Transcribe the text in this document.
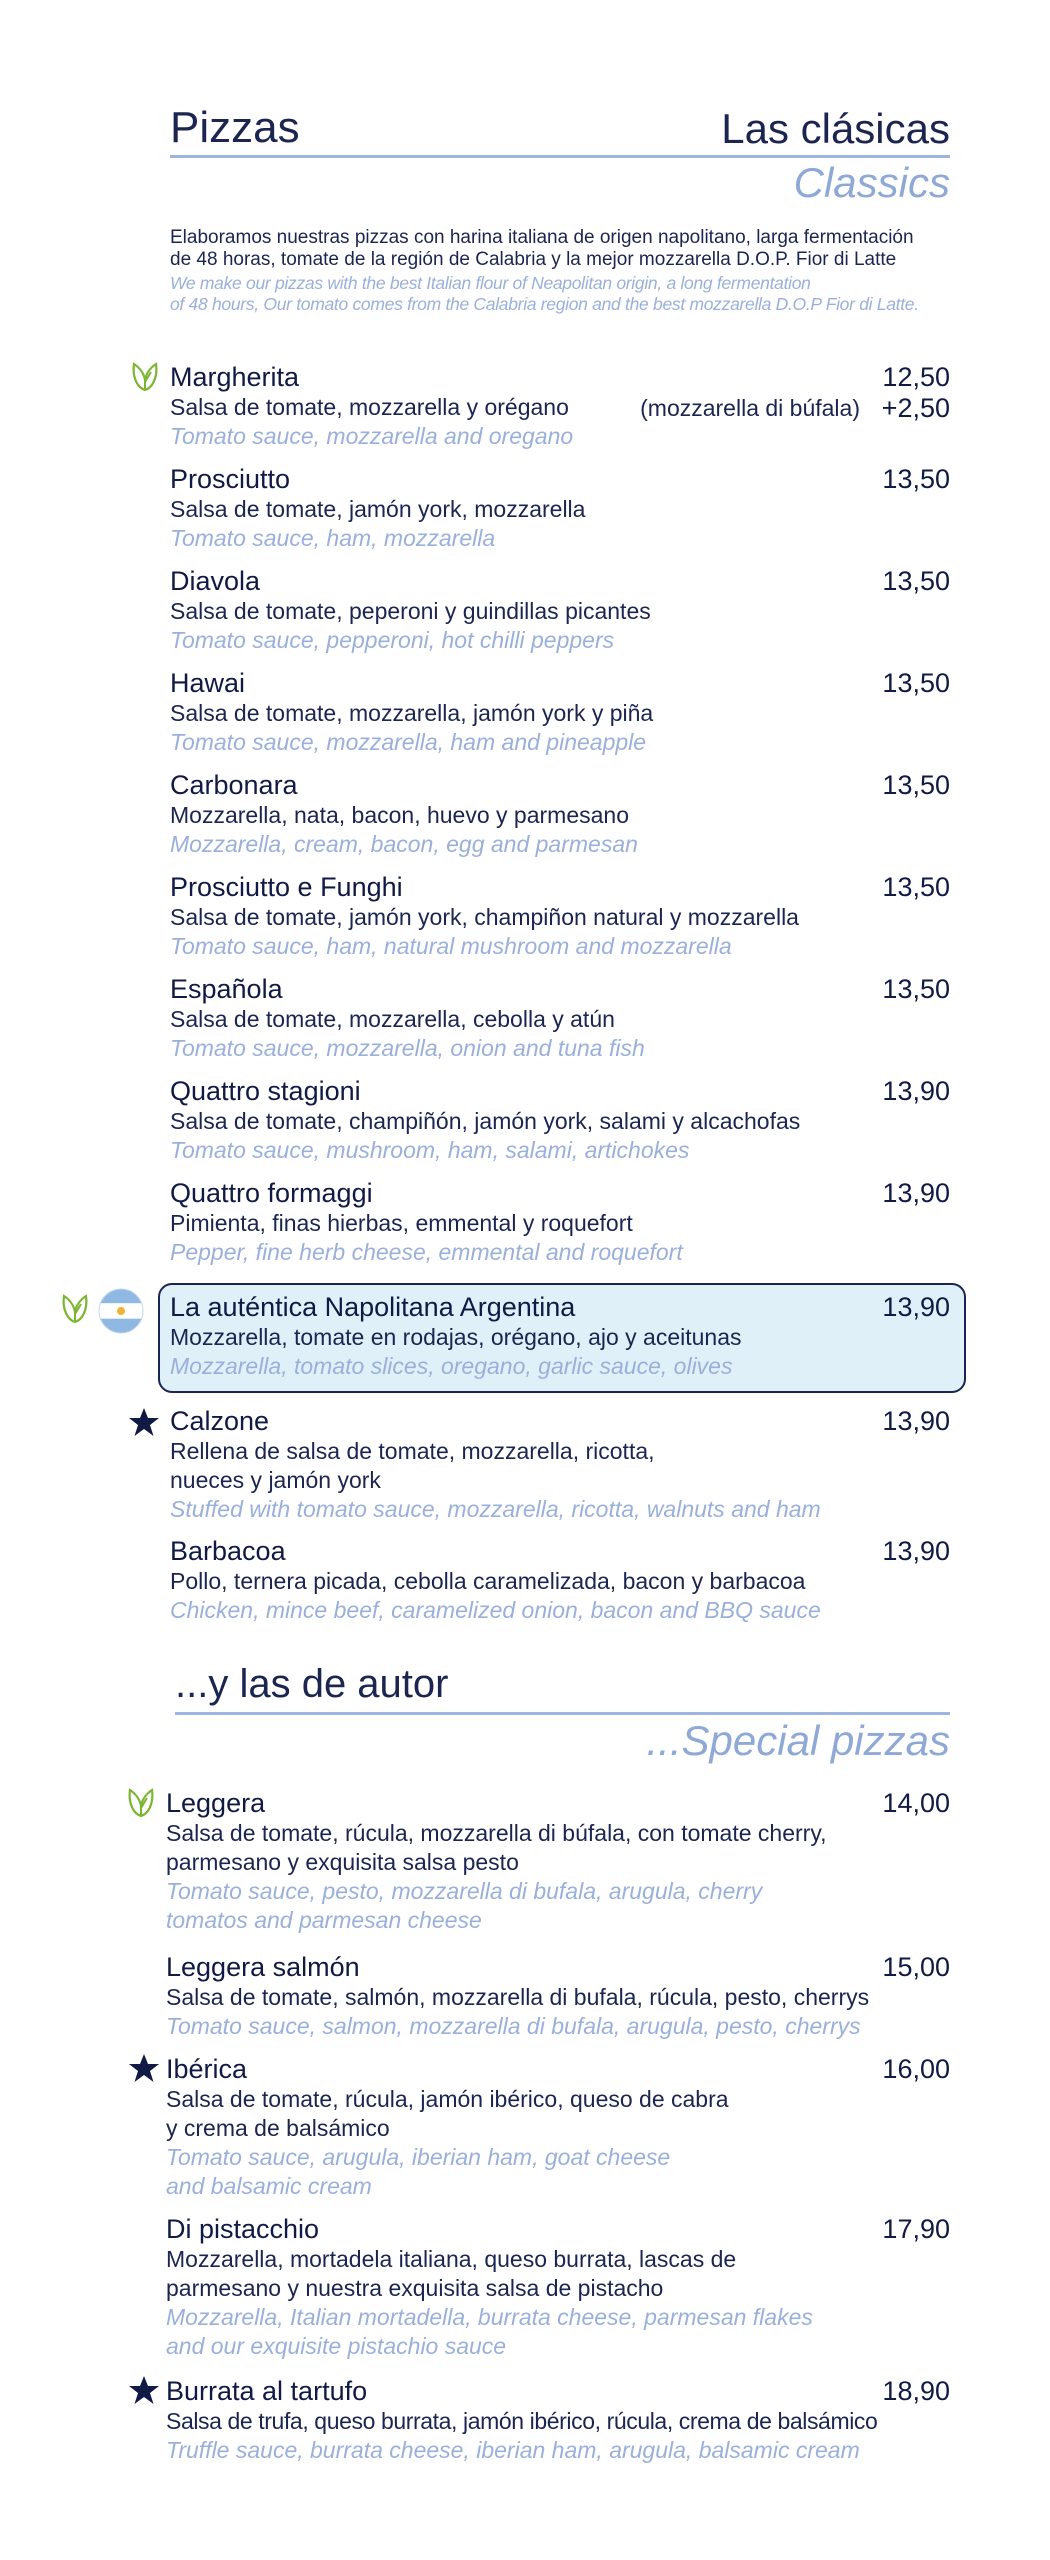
Pizzas	Las clásicas
Classics
Elaboramos nuestras pizzas con harina italiana de origen napolitano, larga fermentación
de 48 horas, tomate de la región de Calabria y la mejor mozzarella D.O.P. Fior di Latte
We make our pizzas with the best Italian flour of Neapolitan origin, a long fermentation
of 48 hours, Our tomato comes from the Calabria region and the best mozzarella D.O.P Fior di Latte.
Margherita
Salsa de tomate, mozzarella y orégano
Tomato sauce, mozzarella and oregano
12,50
(mozzarella di búfala) +2,50
Prosciutto
Salsa de tomate, jamón york, mozzarella
Tomato sauce, ham, mozzarella
13,50
Diavola
Salsa de tomate, peperoni y guindillas picantes
Tomato sauce, pepperoni, hot chilli peppers
13,50
Hawai
Salsa de tomate, mozzarella, jamón york y piña
Tomato sauce, mozzarella, ham and pineapple
13,50
Carbonara
Mozzarella, nata, bacon, huevo y parmesano
Mozzarella, cream, bacon, egg and parmesan
13,50
Prosciutto e Funghi
Salsa de tomate, jamón york, champiñon natural y mozzarella
Tomato sauce, ham, natural mushroom and mozzarella
13,50
Española
Salsa de tomate, mozzarella, cebolla y atún
Tomato sauce, mozzarella, onion and tuna fish
13,50
Quattro stagioni
Salsa de tomate, champiñón, jamón york, salami y alcachofas
Tomato sauce, mushroom, ham, salami, artichokes
13,90
Quattro formaggi
Pimienta, finas hierbas, emmental y roquefort
Pepper, fine herb cheese, emmental and roquefort
13,90
La auténtica Napolitana Argentina
Mozzarella, tomate en rodajas, orégano, ajo y aceitunas
Mozzarella, tomato slices, oregano, garlic sauce, olives
13,90
Calzone
Rellena de salsa de tomate, mozzarella, ricotta,
nueces y jamón york
Stuffed with tomato sauce, mozzarella, ricotta, walnuts and ham
13,90
Barbacoa
Pollo, ternera picada, cebolla caramelizada, bacon y barbacoa
Chicken, mince beef, caramelized onion, bacon and BBQ sauce
13,90
...y las de autor
...Special pizzas
Leggera
Salsa de tomate, rúcula, mozzarella di búfala, con tomate cherry,
parmesano y exquisita salsa pesto
Tomato sauce, pesto, mozzarella di bufala, arugula, cherry
tomatos and parmesan cheese
14,00
Leggera salmón
Salsa de tomate, salmón, mozzarella di bufala, rúcula, pesto, cherrys
Tomato sauce, salmon, mozzarella di bufala, arugula, pesto, cherrys
15,00
Ibérica
Salsa de tomate, rúcula, jamón ibérico, queso de cabra
y crema de balsámico
Tomato sauce, arugula, iberian ham, goat cheese
and balsamic cream
16,00
Di pistacchio
Mozzarella, mortadela italiana, queso burrata, lascas de
parmesano y nuestra exquisita salsa de pistacho
Mozzarella, Italian mortadella, burrata cheese, parmesan flakes
and our exquisite pistachio sauce
17,90
Burrata al tartufo
Salsa de trufa, queso burrata, jamón ibérico, rúcula, crema de balsámico
Truffle sauce, burrata cheese, iberian ham, arugula, balsamic cream
18,90
